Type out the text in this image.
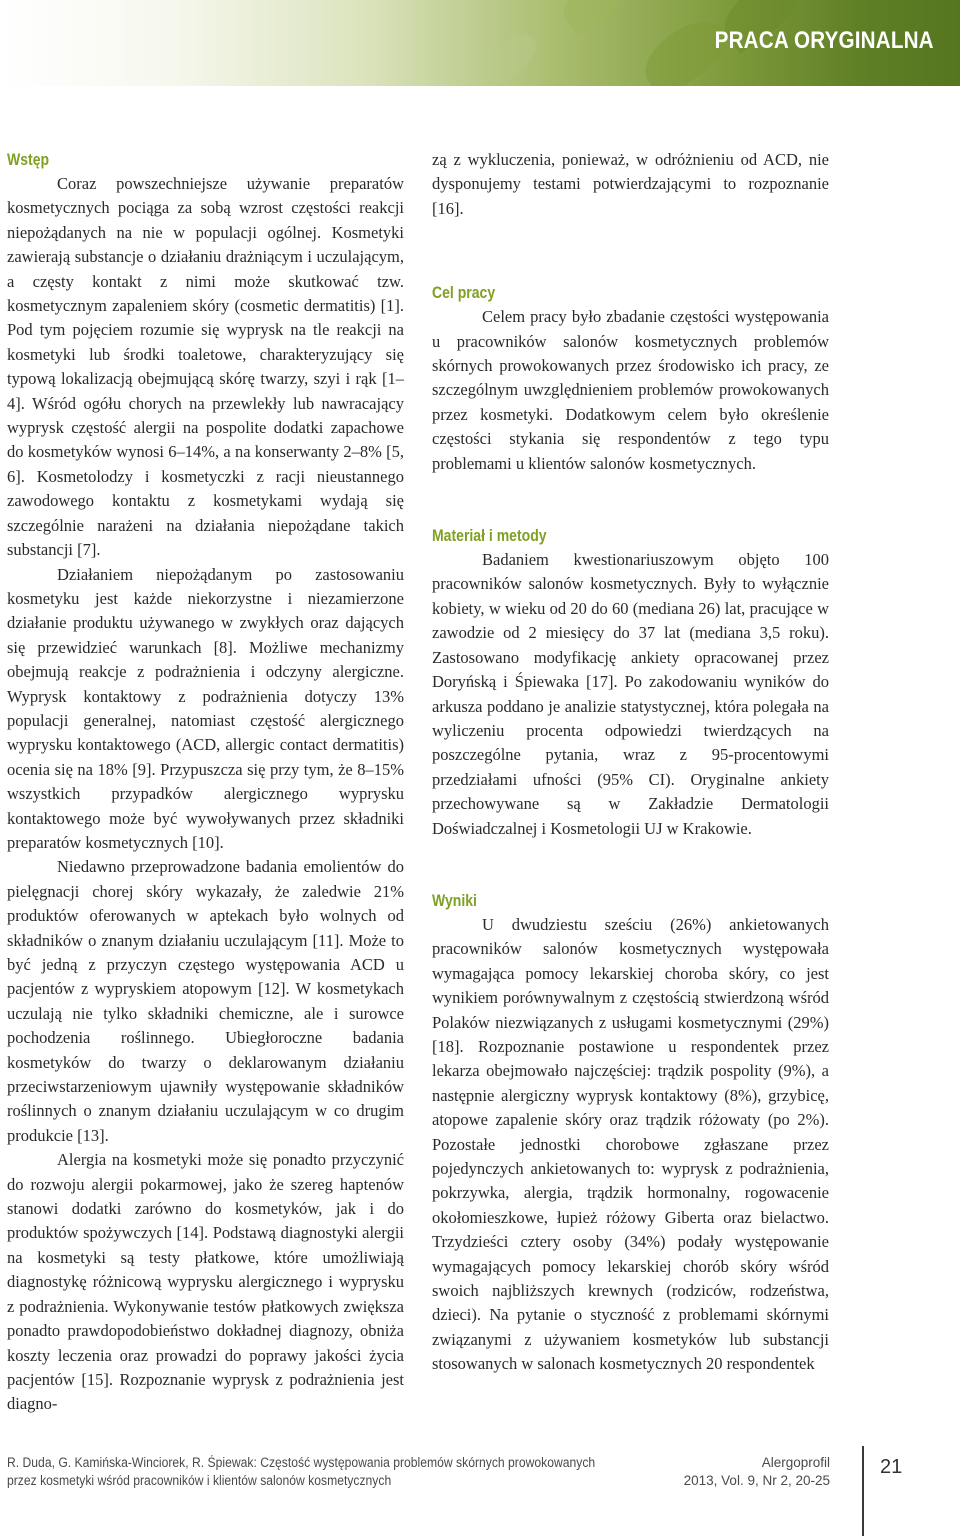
PRACA ORYGINALNA
Wstęp

Coraz powszechniejsze używanie preparatów kosmetycznych pociąga za sobą wzrost częstości reakcji niepożądanych na nie w populacji ogólnej. Kosmetyki zawierają substancje o działaniu drażniącym i uczulającym, a częsty kontakt z nimi może skutkować tzw. kosmetycznym zapaleniem skóry (cosmetic dermatitis) [1]. Pod tym pojęciem rozumie się wyprysk na tle reakcji na kosmetyki lub środki toaletowe, charakteryzujący się typową lokalizacją obejmującą skórę twarzy, szyi i rąk [1–4]. Wśród ogółu chorych na przewlekły lub nawracający wyprysk częstość alergii na pospolite dodatki zapachowe do kosmetyków wynosi 6–14%, a na konserwanty 2–8% [5, 6]. Kosmetolodzy i kosmetyczki z racji nieustannego zawodowego kontaktu z kosmetykami wydają się szczególnie narażeni na działania niepożądane takich substancji [7].

Działaniem niepożądanym po zastosowaniu kosmetyku jest każde niekorzystne i niezamierzone działanie produktu używanego w zwykłych oraz dających się przewidzieć warunkach [8]. Możliwe mechanizmy obejmują reakcje z podrażnienia i odczyny alergiczne. Wyprysk kontaktowy z podrażnienia dotyczy 13% populacji generalnej, natomiast częstość alergicznego wyprysku kontaktowego (ACD, allergic contact dermatitis) ocenia się na 18% [9]. Przypuszcza się przy tym, że 8–15% wszystkich przypadków alergicznego wyprysku kontaktowego może być wywoływanych przez składniki preparatów kosmetycznych [10].

Niedawno przeprowadzone badania emolientów do pielęgnacji chorej skóry wykazały, że zaledwie 21% produktów oferowanych w aptekach było wolnych od składników o znanym działaniu uczulającym [11]. Może to być jedną z przyczyn częstego występowania ACD u pacjentów z wypryskiem atopowym [12]. W kosmetykach uczulają nie tylko składniki chemiczne, ale i surowce pochodzenia roślinnego. Ubiegłoroczne badania kosmetyków do twarzy o deklarowanym działaniu przeciwstarzeniowym ujawniły występowanie składników roślinnych o znanym działaniu uczulającym w co drugim produkcie [13].

Alergia na kosmetyki może się ponadto przyczynić do rozwoju alergii pokarmowej, jako że szereg haptenów stanowi dodatki zarówno do kosmetyków, jak i do produktów spożywczych [14]. Podstawą diagnostyki alergii na kosmetyki są testy płatkowe, które umożliwiają diagnostykę różnicową wyprysku alergicznego i wyprysku z podrażnienia. Wykonywanie testów płatkowych zwiększa ponadto prawdopodobieństwo dokładnej diagnozy, obniża koszty leczenia oraz prowadzi do poprawy jakości życia pacjentów [15]. Rozpoznanie wyprysk z podrażnienia jest diagno-

zą z wykluczenia, ponieważ, w odróżnieniu od ACD, nie dysponujemy testami potwierdzającymi to rozpoznanie [16].

Cel pracy

Celem pracy było zbadanie częstości występowania u pracowników salonów kosmetycznych problemów skórnych prowokowanych przez środowisko ich pracy, ze szczególnym uwzględnieniem problemów prowokowanych przez kosmetyki. Dodatkowym celem było określenie częstości stykania się respondentów z tego typu problemami u klientów salonów kosmetycznych.

Materiał i metody

Badaniem kwestionariuszowym objęto 100 pracowników salonów kosmetycznych. Były to wyłącznie kobiety, w wieku od 20 do 60 (mediana 26) lat, pracujące w zawodzie od 2 miesięcy do 37 lat (mediana 3,5 roku). Zastosowano modyfikację ankiety opracowanej przez Doryńską i Śpiewaka [17]. Po zakodowaniu wyników do arkusza poddano je analizie statystycznej, która polegała na wyliczeniu procenta odpowiedzi twierdzących na poszczególne pytania, wraz z 95-procentowymi przedziałami ufności (95% CI). Oryginalne ankiety przechowywane są w Zakładzie Dermatologii Doświadczalnej i Kosmetologii UJ w Krakowie.

Wyniki

U dwudziestu sześciu (26%) ankietowanych pracowników salonów kosmetycznych występowała wymagająca pomocy lekarskiej choroba skóry, co jest wynikiem porównywalnym z częstością stwierdzoną wśród Polaków niezwiązanych z usługami kosmetycznymi (29%) [18]. Rozpoznanie postawione u respondentek przez lekarza obejmowało najczęściej: trądzik pospolity (9%), a następnie alergiczny wyprysk kontaktowy (8%), grzybicę, atopowe zapalenie skóry oraz trądzik różowaty (po 2%). Pozostałe jednostki chorobowe zgłaszane przez pojedynczych ankietowanych to: wyprysk z podrażnienia, pokrzywka, alergia, trądzik hormonalny, rogowacenie okołomieszkowe, łupież różowy Giberta oraz bielactwo. Trzydzieści cztery osoby (34%) podały występowanie wymagających pomocy lekarskiej chorób skóry wśród swoich najbliższych krewnych (rodziców, rodzeństwa, dzieci). Na pytanie o styczność z problemami skórnymi związanymi z używaniem kosmetyków lub substancji stosowanych w salonach kosmetycznych 20 respondentek

R. Duda, G. Kamińska-Winciorek, R. Śpiewak: Częstość występowania problemów skórnych prowokowanych
przez kosmetyki wśród pracowników i klientów salonów kosmetycznych
Alergoprofil
2013, Vol. 9, Nr 2, 20-25
21
